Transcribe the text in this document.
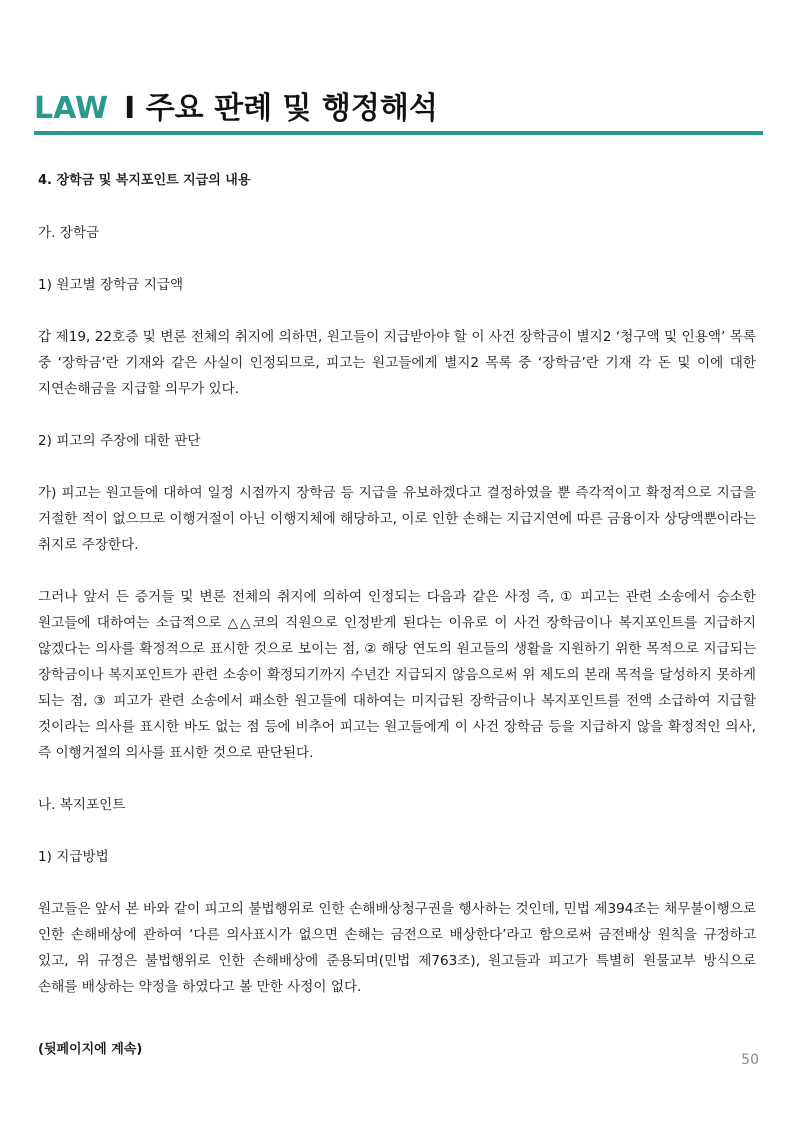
LAW I 주요 판례 및 행정해석

4. 장학금 및 복지포인트 지급의 내용

가. 장학금

1) 원고별 장학금 지급액

갑 제19, 22호증 및 변론 전체의 취지에 의하면, 원고들이 지급받아야 할 이 사건 장학금이 별지2 ‘청구액 및 인용액’ 목록 중 ‘장학금’란 기재와 같은 사실이 인정되므로, 피고는 원고들에게 별지2 목록 중 ‘장학금’란 기재 각 돈 및 이에 대한 지연손해금을 지급할 의무가 있다.

2) 피고의 주장에 대한 판단

가) 피고는 원고들에 대하여 일정 시점까지 장학금 등 지급을 유보하겠다고 결정하였을 뿐 즉각적이고 확정적으로 지급을 거절한 적이 없으므로 이행거절이 아닌 이행지체에 해당하고, 이로 인한 손해는 지급지연에 따른 금융이자 상당액뿐이라는 취지로 주장한다.

그러나 앞서 든 증거들 및 변론 전체의 취지에 의하여 인정되는 다음과 같은 사정 즉, ① 피고는 관련 소송에서 승소한 원고들에 대하여는 소급적으로 △△코의 직원으로 인정받게 된다는 이유로 이 사건 장학금이나 복지포인트를 지급하지 않겠다는 의사를 확정적으로 표시한 것으로 보이는 점, ② 해당 연도의 원고들의 생활을 지원하기 위한 목적으로 지급되는 장학금이나 복지포인트가 관련 소송이 확정되기까지 수년간 지급되지 않음으로써 위 제도의 본래 목적을 달성하지 못하게 되는 점, ③ 피고가 관련 소송에서 패소한 원고들에 대하여는 미지급된 장학금이나 복지포인트를 전액 소급하여 지급할 것이라는 의사를 표시한 바도 없는 점 등에 비추어 피고는 원고들에게 이 사건 장학금 등을 지급하지 않을 확정적인 의사, 즉 이행거절의 의사를 표시한 것으로 판단된다.

나. 복지포인트

1) 지급방법

원고들은 앞서 본 바와 같이 피고의 불법행위로 인한 손해배상청구권을 행사하는 것인데, 민법 제394조는 채무불이행으로 인한 손해배상에 관하여 ‘다른 의사표시가 없으면 손해는 금전으로 배상한다’라고 함으로써 금전배상 원칙을 규정하고 있고, 위 규정은 불법행위로 인한 손해배상에 준용되며(민법 제763조), 원고들과 피고가 특별히 원물교부 방식으로 손해를 배상하는 약정을 하였다고 볼 만한 사정이 없다.

(뒷페이지에 계속)
50
